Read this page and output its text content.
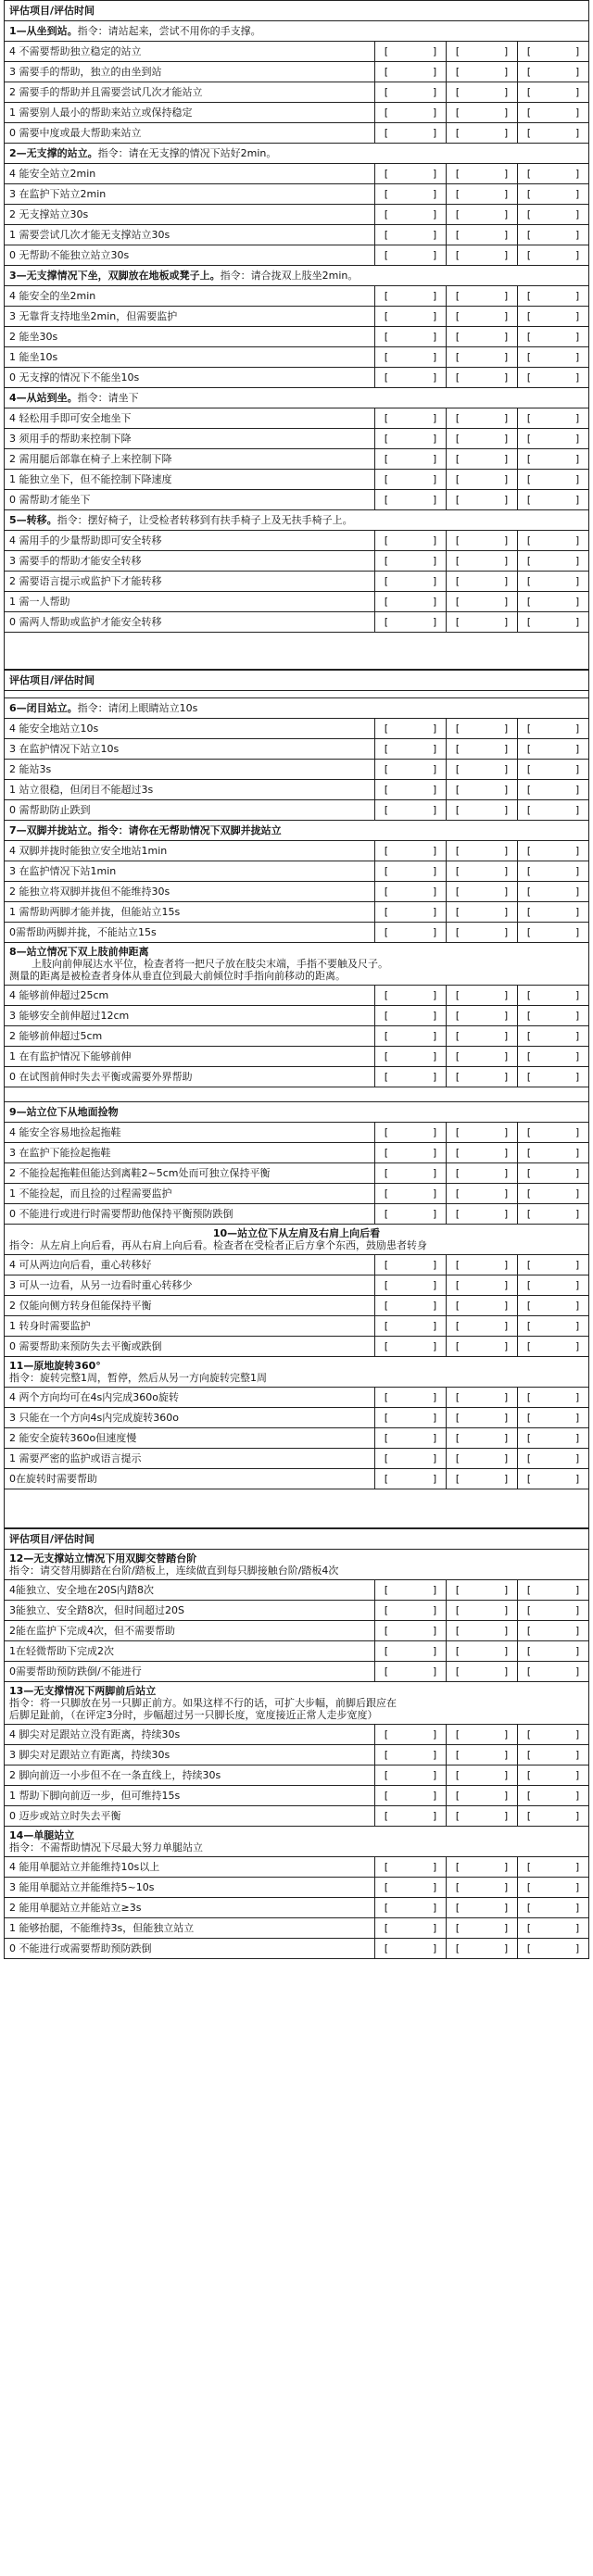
评估项目/评估时间			
1—从坐到站。指令：请站起来，尝试不用你的手支撑。			
4 不需要帮助独立稳定的站立	[       ]	[       ]	[       ]
3 需要手的帮助，独立的由坐到站	[       ]	[       ]	[       ]
2 需要手的帮助并且需要尝试几次才能站立	[       ]	[       ]	[       ]
1 需要别人最小的帮助来站立或保持稳定	[       ]	[       ]	[       ]
0 需要中度或最大帮助来站立	[       ]	[       ]	[       ]
2—无支撑的站立。指令：请在无支撑的情况下站好2min。			
4 能安全站立2min	[       ]	[       ]	[       ]
3 在监护下站立2min	[       ]	[       ]	[       ]
2 无支撑站立30s	[       ]	[       ]	[       ]
1 需要尝试几次才能无支撑站立30s	[       ]	[       ]	[       ]
0 无帮助不能独立站立30s	[       ]	[       ]	[       ]
3—无支撑情况下坐，双脚放在地板或凳子上。指令：请合拢双上肢坐2min。			
4 能安全的坐2min	[       ]	[       ]	[       ]
3 无靠背支持地坐2min，但需要监护	[       ]	[       ]	[       ]
2 能坐30s	[       ]	[       ]	[       ]
1 能坐10s	[       ]	[       ]	[       ]
0 无支撑的情况下不能坐10s	[       ]	[       ]	[       ]
4—从站到坐。指令：请坐下			
4 轻松用手即可安全地坐下	[       ]	[       ]	[       ]
3 须用手的帮助来控制下降	[       ]	[       ]	[       ]
2 需用腿后部靠在椅子上来控制下降	[       ]	[       ]	[       ]
1 能独立坐下，但不能控制下降速度	[       ]	[       ]	[       ]
0 需帮助才能坐下	[       ]	[       ]	[       ]
5—转移。指令：摆好椅子，让受检者转移到有扶手椅子上及无扶手椅子上。			
4 需用手的少量帮助即可安全转移	[       ]	[       ]	[       ]
3 需要手的帮助才能安全转移	[       ]	[       ]	[       ]
2 需要语言提示或监护下才能转移	[       ]	[       ]	[       ]
1 需一人帮助	[       ]	[       ]	[       ]
0 需两人帮助或监护才能安全转移	[       ]	[       ]	[       ]

评估项目/评估时间			

6—闭目站立。指令：请闭上眼睛站立10s			
4 能安全地站立10s	[       ]	[       ]	[       ]
3 在监护情况下站立10s	[       ]	[       ]	[       ]
2 能站3s	[       ]	[       ]	[       ]
1 站立很稳，但闭目不能超过3s	[       ]	[       ]	[       ]
0 需帮助防止跌到	[       ]	[       ]	[       ]
7—双脚并拢站立。指令：请你在无帮助情况下双脚并拢站立			
4 双脚并拢时能独立安全地站1min	[       ]	[       ]	[       ]
3 在监护情况下站1min	[       ]	[       ]	[       ]
2 能独立将双脚并拢但不能维持30s	[       ]	[       ]	[       ]
1 需帮助两脚才能并拢，但能站立15s	[       ]	[       ]	[       ]
0需帮助两脚并拢，不能站立15s	[       ]	[       ]	[       ]
8—站立情况下双上肢前伸距离
上肢向前伸展达水平位，检查者将一把尺子放在肢尖末端，手指不要触及尺子。
测量的距离是被检查者身体从垂直位到最大前倾位时手指向前移动的距离。			
4 能够前伸超过25cm	[       ]	[       ]	[       ]
3 能够安全前伸超过12cm	[       ]	[       ]	[       ]
2 能够前伸超过5cm	[       ]	[       ]	[       ]
1 在有监护情况下能够前伸	[       ]	[       ]	[       ]
0 在试图前伸时失去平衡或需要外界帮助	[       ]	[       ]	[       ]

9—站立位下从地面捡物			
4 能安全容易地捡起拖鞋	[       ]	[       ]	[       ]
3 在监护下能捡起拖鞋	[       ]	[       ]	[       ]
2 不能捡起拖鞋但能达到离鞋2~5cm处而可独立保持平衡	[       ]	[       ]	[       ]
1 不能捡起，而且捡的过程需要监护	[       ]	[       ]	[       ]
0 不能进行或进行时需要帮助他保持平衡预防跌倒	[       ]	[       ]	[       ]

10—站立位下从左肩及右肩上向后看
指令：从左肩上向后看，再从右肩上向后看。检查者在受检者正后方拿个东西，鼓励患者转身			
4 可从两边向后看，重心转移好	[       ]	[       ]	[       ]
3 可从一边看，从另一边看时重心转移少	[       ]	[       ]	[       ]
2 仅能向侧方转身但能保持平衡	[       ]	[       ]	[       ]
1 转身时需要监护	[       ]	[       ]	[       ]
0 需要帮助来预防失去平衡或跌倒	[       ]	[       ]	[       ]
11—原地旋转360°
指令：旋转完整1周，暂停，然后从另一方向旋转完整1周			
4 两个方向均可在4s内完成360o旋转	[       ]	[       ]	[       ]
3 只能在一个方向4s内完成旋转360o	[       ]	[       ]	[       ]
2 能安全旋转360o但速度慢	[       ]	[       ]	[       ]
1 需要严密的监护或语言提示	[       ]	[       ]	[       ]
0在旋转时需要帮助	[       ]	[       ]	[       ]

评估项目/评估时间			
12—无支撑站立情况下用双脚交替踏台阶
指令：请交替用脚踏在台阶/踏板上，连续做直到每只脚接触台阶/踏板4次			
4能独立、安全地在20S内踏8次	[       ]	[       ]	[       ]
3能独立、安全踏8次，但时间超过20S	[       ]	[       ]	[       ]
2能在监护下完成4次，但不需要帮助	[       ]	[       ]	[       ]
1在轻微帮助下完成2次	[       ]	[       ]	[       ]
0需要帮助预防跌倒/不能进行	[       ]	[       ]	[       ]
13—无支撑情况下两脚前后站立
指令：将一只脚放在另一只脚正前方。如果这样不行的话，可扩大步幅，前脚后跟应在
后脚足趾前，（在评定3分时，步幅超过另一只脚长度，宽度接近正常人走步宽度）			
4 脚尖对足跟站立没有距离，持续30s	[       ]	[       ]	[       ]
3 脚尖对足跟站立有距离，持续30s	[       ]	[       ]	[       ]
2 脚向前迈一小步但不在一条直线上，持续30s	[       ]	[       ]	[       ]
1 帮助下脚向前迈一步，但可维持15s	[       ]	[       ]	[       ]
0 迈步或站立时失去平衡	[       ]	[       ]	[       ]
14—单腿站立
指令：不需帮助情况下尽最大努力单腿站立			
4 能用单腿站立并能维持10s以上	[       ]	[       ]	[       ]
3 能用单腿站立并能维持5~10s	[       ]	[       ]	[       ]
2 能用单腿站立并能站立≥3s	[       ]	[       ]	[       ]
1 能够抬腿，不能维持3s，但能独立站立	[       ]	[       ]	[       ]
0 不能进行或需要帮助预防跌倒	[       ]	[       ]	[       ]
